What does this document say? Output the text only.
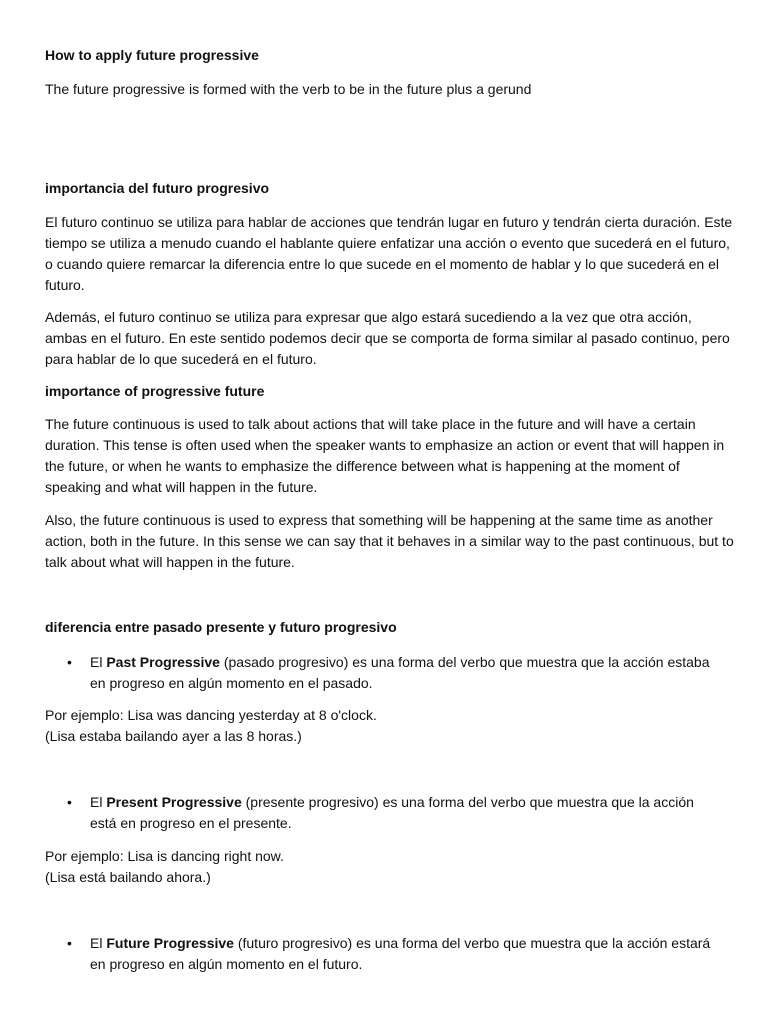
How to apply future progressive

The future progressive is formed with the verb to be in the future plus a gerund

importancia del futuro progresivo

El futuro continuo se utiliza para hablar de acciones que tendrán lugar en futuro y tendrán cierta duración. Este tiempo se utiliza a menudo cuando el hablante quiere enfatizar una acción o evento que sucederá en el futuro, o cuando quiere remarcar la diferencia entre lo que sucede en el momento de hablar y lo que sucederá en el futuro.

Además, el futuro continuo se utiliza para expresar que algo estará sucediendo a la vez que otra acción, ambas en el futuro. En este sentido podemos decir que se comporta de forma similar al pasado continuo, pero para hablar de lo que sucederá en el futuro.

importance of progressive future

The future continuous is used to talk about actions that will take place in the future and will have a certain duration. This tense is often used when the speaker wants to emphasize an action or event that will happen in the future, or when he wants to emphasize the difference between what is happening at the moment of speaking and what will happen in the future.

Also, the future continuous is used to express that something will be happening at the same time as another action, both in the future. In this sense we can say that it behaves in a similar way to the past continuous, but to talk about what will happen in the future.

diferencia entre pasado presente y futuro progresivo

• El Past Progressive (pasado progresivo) es una forma del verbo que muestra que la acción estaba en progreso en algún momento en el pasado.
Por ejemplo: Lisa was dancing yesterday at 8 o'clock.
(Lisa estaba bailando ayer a las 8 horas.)
• El Present Progressive (presente progresivo) es una forma del verbo que muestra que la acción está en progreso en el presente.
Por ejemplo: Lisa is dancing right now.
(Lisa está bailando ahora.)
• El Future Progressive (futuro progresivo) es una forma del verbo que muestra que la acción estará en progreso en algún momento en el futuro.
